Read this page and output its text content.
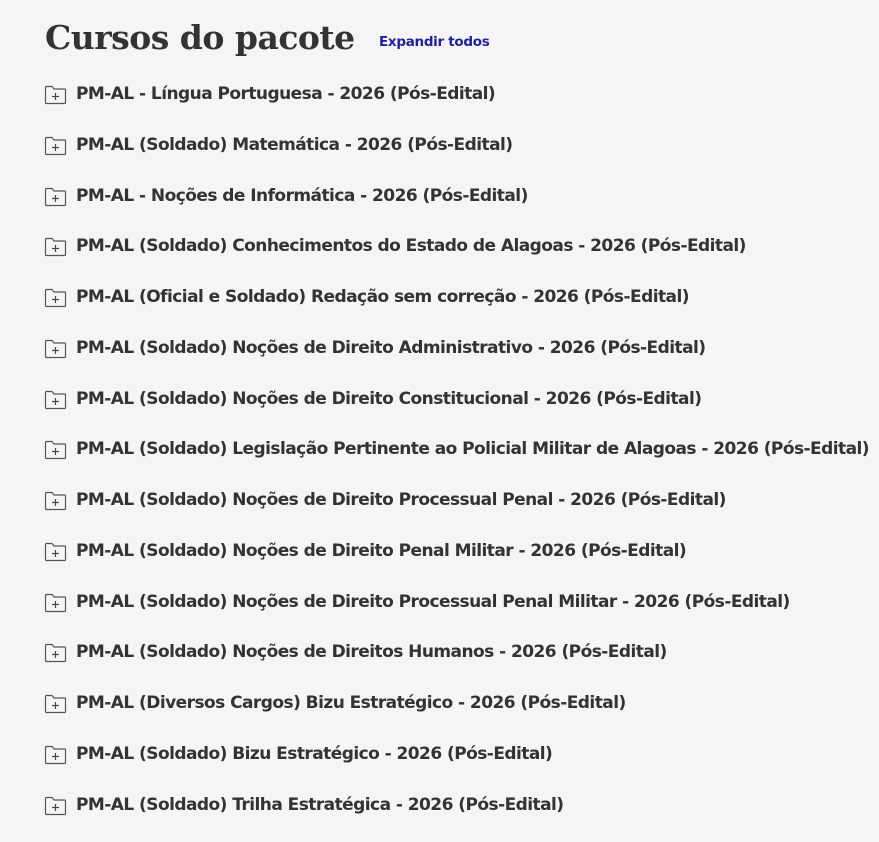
Cursos do pacote Expandir todos
PM-AL - Língua Portuguesa - 2026 (Pós-Edital)
PM-AL (Soldado) Matemática - 2026 (Pós-Edital)
PM-AL - Noções de Informática - 2026 (Pós-Edital)
PM-AL (Soldado) Conhecimentos do Estado de Alagoas - 2026 (Pós-Edital)
PM-AL (Oficial e Soldado) Redação sem correção - 2026 (Pós-Edital)
PM-AL (Soldado) Noções de Direito Administrativo - 2026 (Pós-Edital)
PM-AL (Soldado) Noções de Direito Constitucional - 2026 (Pós-Edital)
PM-AL (Soldado) Legislação Pertinente ao Policial Militar de Alagoas - 2026 (Pós-Edital)
PM-AL (Soldado) Noções de Direito Processual Penal - 2026 (Pós-Edital)
PM-AL (Soldado) Noções de Direito Penal Militar - 2026 (Pós-Edital)
PM-AL (Soldado) Noções de Direito Processual Penal Militar - 2026 (Pós-Edital)
PM-AL (Soldado) Noções de Direitos Humanos - 2026 (Pós-Edital)
PM-AL (Diversos Cargos) Bizu Estratégico - 2026 (Pós-Edital)
PM-AL (Soldado) Bizu Estratégico - 2026 (Pós-Edital)
PM-AL (Soldado) Trilha Estratégica - 2026 (Pós-Edital)
